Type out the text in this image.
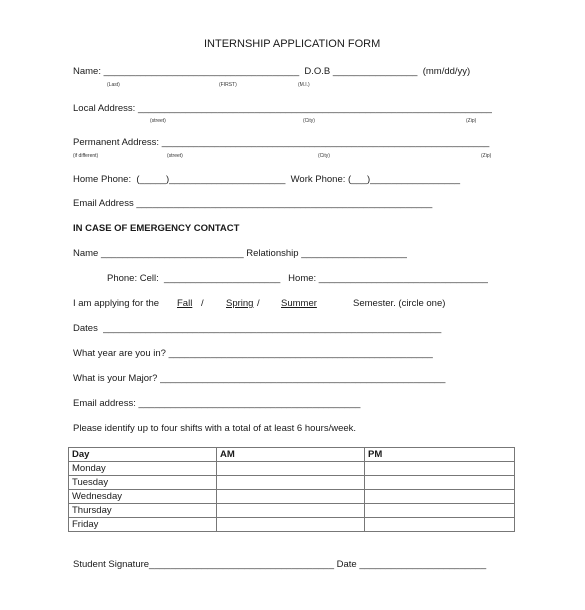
INTERNSHIP APPLICATION FORM
Name: _____________________________________  D.O.B ________________  (mm/dd/yy)
(Last)	(FIRST)	(M.I.)
Local Address: ___________________________________________________________________
(street)	(City)	(Zip)
Permanent Address: ______________________________________________________________
(if different)	(street)	(City)	(Zip)
Home Phone:  (_____)______________________  Work Phone: (___)_________________
Email Address ________________________________________________________
IN CASE OF EMERGENCY CONTACT
Name ___________________________ Relationship ____________________
Phone: Cell:  ______________________   Home: ________________________________
I am applying for the Fall / Spring / Summer	Semester. (circle one)
Dates  ________________________________________________________________
What year are you in? __________________________________________________
What is your Major? ______________________________________________________
Email address: __________________________________________
Please identify up to four shifts with a total of at least 6 hours/week.
Day	AM	PM
Monday		
Tuesday		
Wednesday		
Thursday		
Friday		
Student Signature___________________________________ Date ________________________
